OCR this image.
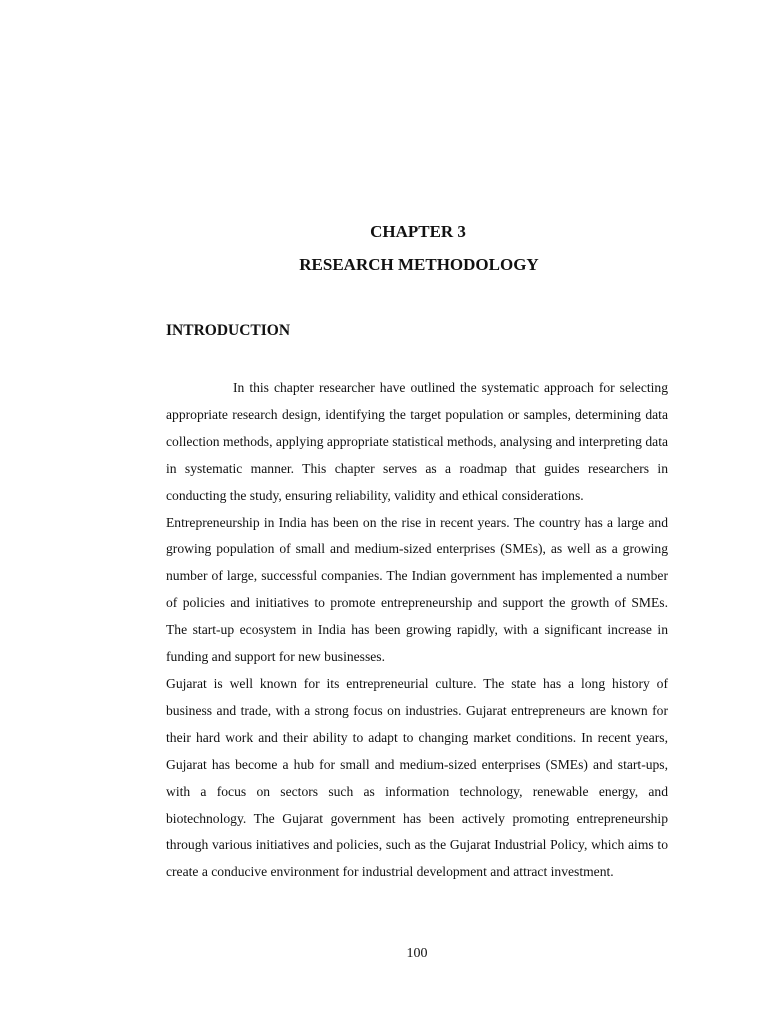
CHAPTER 3
RESEARCH METHODOLOGY
INTRODUCTION

In this chapter researcher have outlined the systematic approach for selecting appropriate research design, identifying the target population or samples, determining data collection methods, applying appropriate statistical methods, analysing and interpreting data in systematic manner. This chapter serves as a roadmap that guides researchers in conducting the study, ensuring reliability, validity and ethical considerations.

Entrepreneurship in India has been on the rise in recent years. The country has a large and growing population of small and medium-sized enterprises (SMEs), as well as a growing number of large, successful companies. The Indian government has implemented a number of policies and initiatives to promote entrepreneurship and support the growth of SMEs. The start-up ecosystem in India has been growing rapidly, with a significant increase in funding and support for new businesses.

Gujarat is well known for its entrepreneurial culture. The state has a long history of business and trade, with a strong focus on industries. Gujarat entrepreneurs are known for their hard work and their ability to adapt to changing market conditions. In recent years, Gujarat has become a hub for small and medium-sized enterprises (SMEs) and start-ups, with a focus on sectors such as information technology, renewable energy, and biotechnology. The Gujarat government has been actively promoting entrepreneurship through various initiatives and policies, such as the Gujarat Industrial Policy, which aims to create a conducive environment for industrial development and attract investment.

100
